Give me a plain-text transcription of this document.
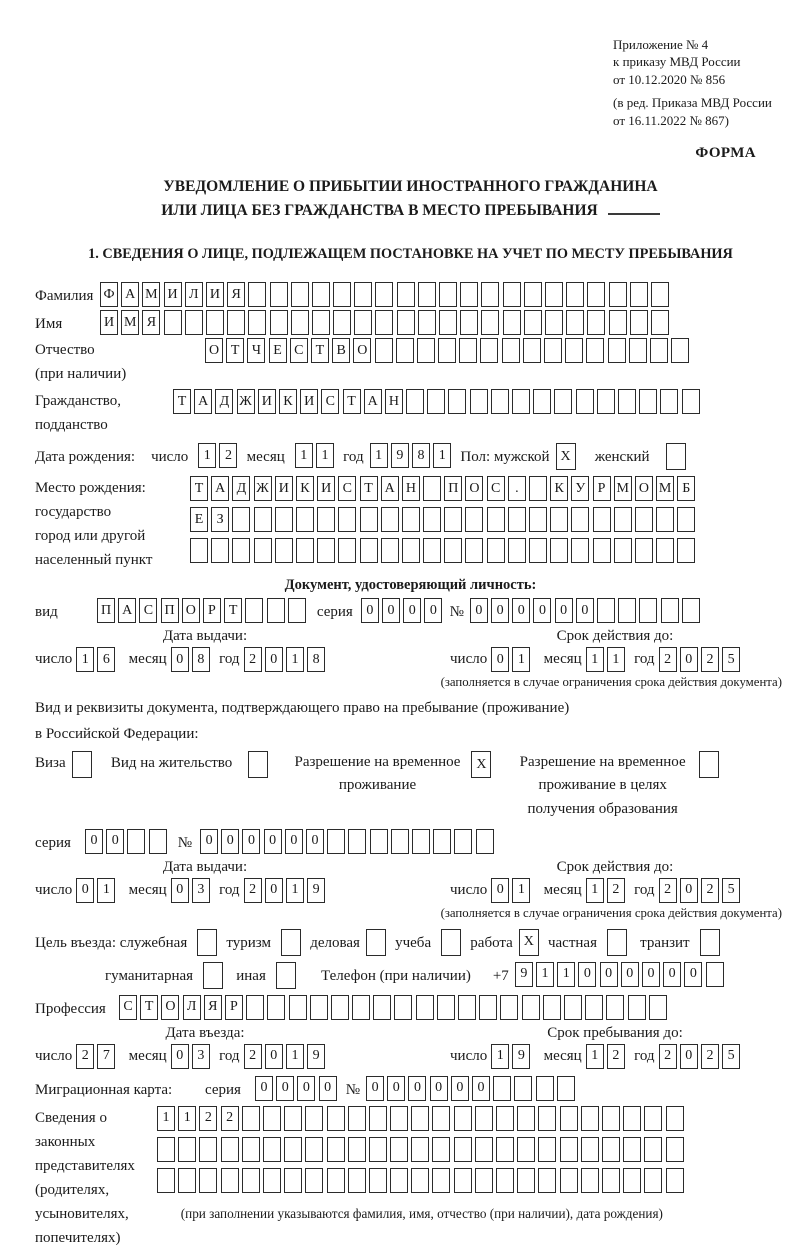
Приложение № 4
к приказу МВД России
от 10.12.2020 № 856
(в ред. Приказа МВД России
от 16.11.2022 № 867)
ФОРМА
УВЕДОМЛЕНИЕ О ПРИБЫТИИ ИНОСТРАННОГО ГРАЖДАНИНА
ИЛИ ЛИЦА БЕЗ ГРАЖДАНСТВА В МЕСТО ПРЕБЫВАНИЯ
1. СВЕДЕНИЯ О ЛИЦЕ, ПОДЛЕЖАЩЕМ ПОСТАНОВКЕ НА УЧЕТ ПО МЕСТУ ПРЕБЫВАНИЯ
Фамилия Ф А М И Л И Я
Имя	И М Я
Отчество
(при наличии)
О Т Ч Е С Т В О
Гражданство,
подданство
Т А Д Ж И К И С Т А Н
Дата рождения: число	1	2 месяц	1	1 год 1	9	8	1 Пол: мужской X	женский
Место рождения:
государство
город или другой
населенный пункт
Т А Д Ж И К И С Т А Н П О С	.	К У Р М О М Б
Е З
Документ, удостоверяющий личность:
вид	П А С П О Р Т	серия 0	0	0	0 № 0	0	0	0	0	0
Дата выдачи:	Срок действия до:
число 1	6	месяц 0	8 год 2	0	1	8	число 0	1	месяц 1	1 год 2	0	2	5
(заполняется в случае ограничения срока действия документа)
Вид и реквизиты документа, подтверждающего право на пребывание (проживание)
в Российской Федерации:
Виза	Вид на жительство	Разрешение на временное
проживание
X	Разрешение на временное
проживание в целях
получения образования
серия	0	0	№ 0	0	0	0	0	0
Дата выдачи:	Срок действия до:
число 0	1	месяц 0	3 год 2	0	1	9	число 0	1	месяц 1	2 год 2	0	2	5
(заполняется в случае ограничения срока действия документа)
Цель въезда: служебная	туризм	деловая учеба	работа X частная	транзит
гуманитарная	иная	Телефон (при наличии) +7 9	1	1	0	0	0	0	0	0
Профессия	С Т О Л Я Р
Дата въезда:	Срок пребывания до:
число 2	7	месяц 0	3 год 2	0	1	9	число 1	9	месяц 1	2 год 2	0	2	5
Миграционная карта:	серия	0	0	0	0 № 0	0	0	0	0	0
Сведения о
законных
представителях
(родителях,
усыновителях,
попечителях)
1	1	2	2
(при заполнении указываются фамилия, имя, отчество (при наличии), дата рождения)
